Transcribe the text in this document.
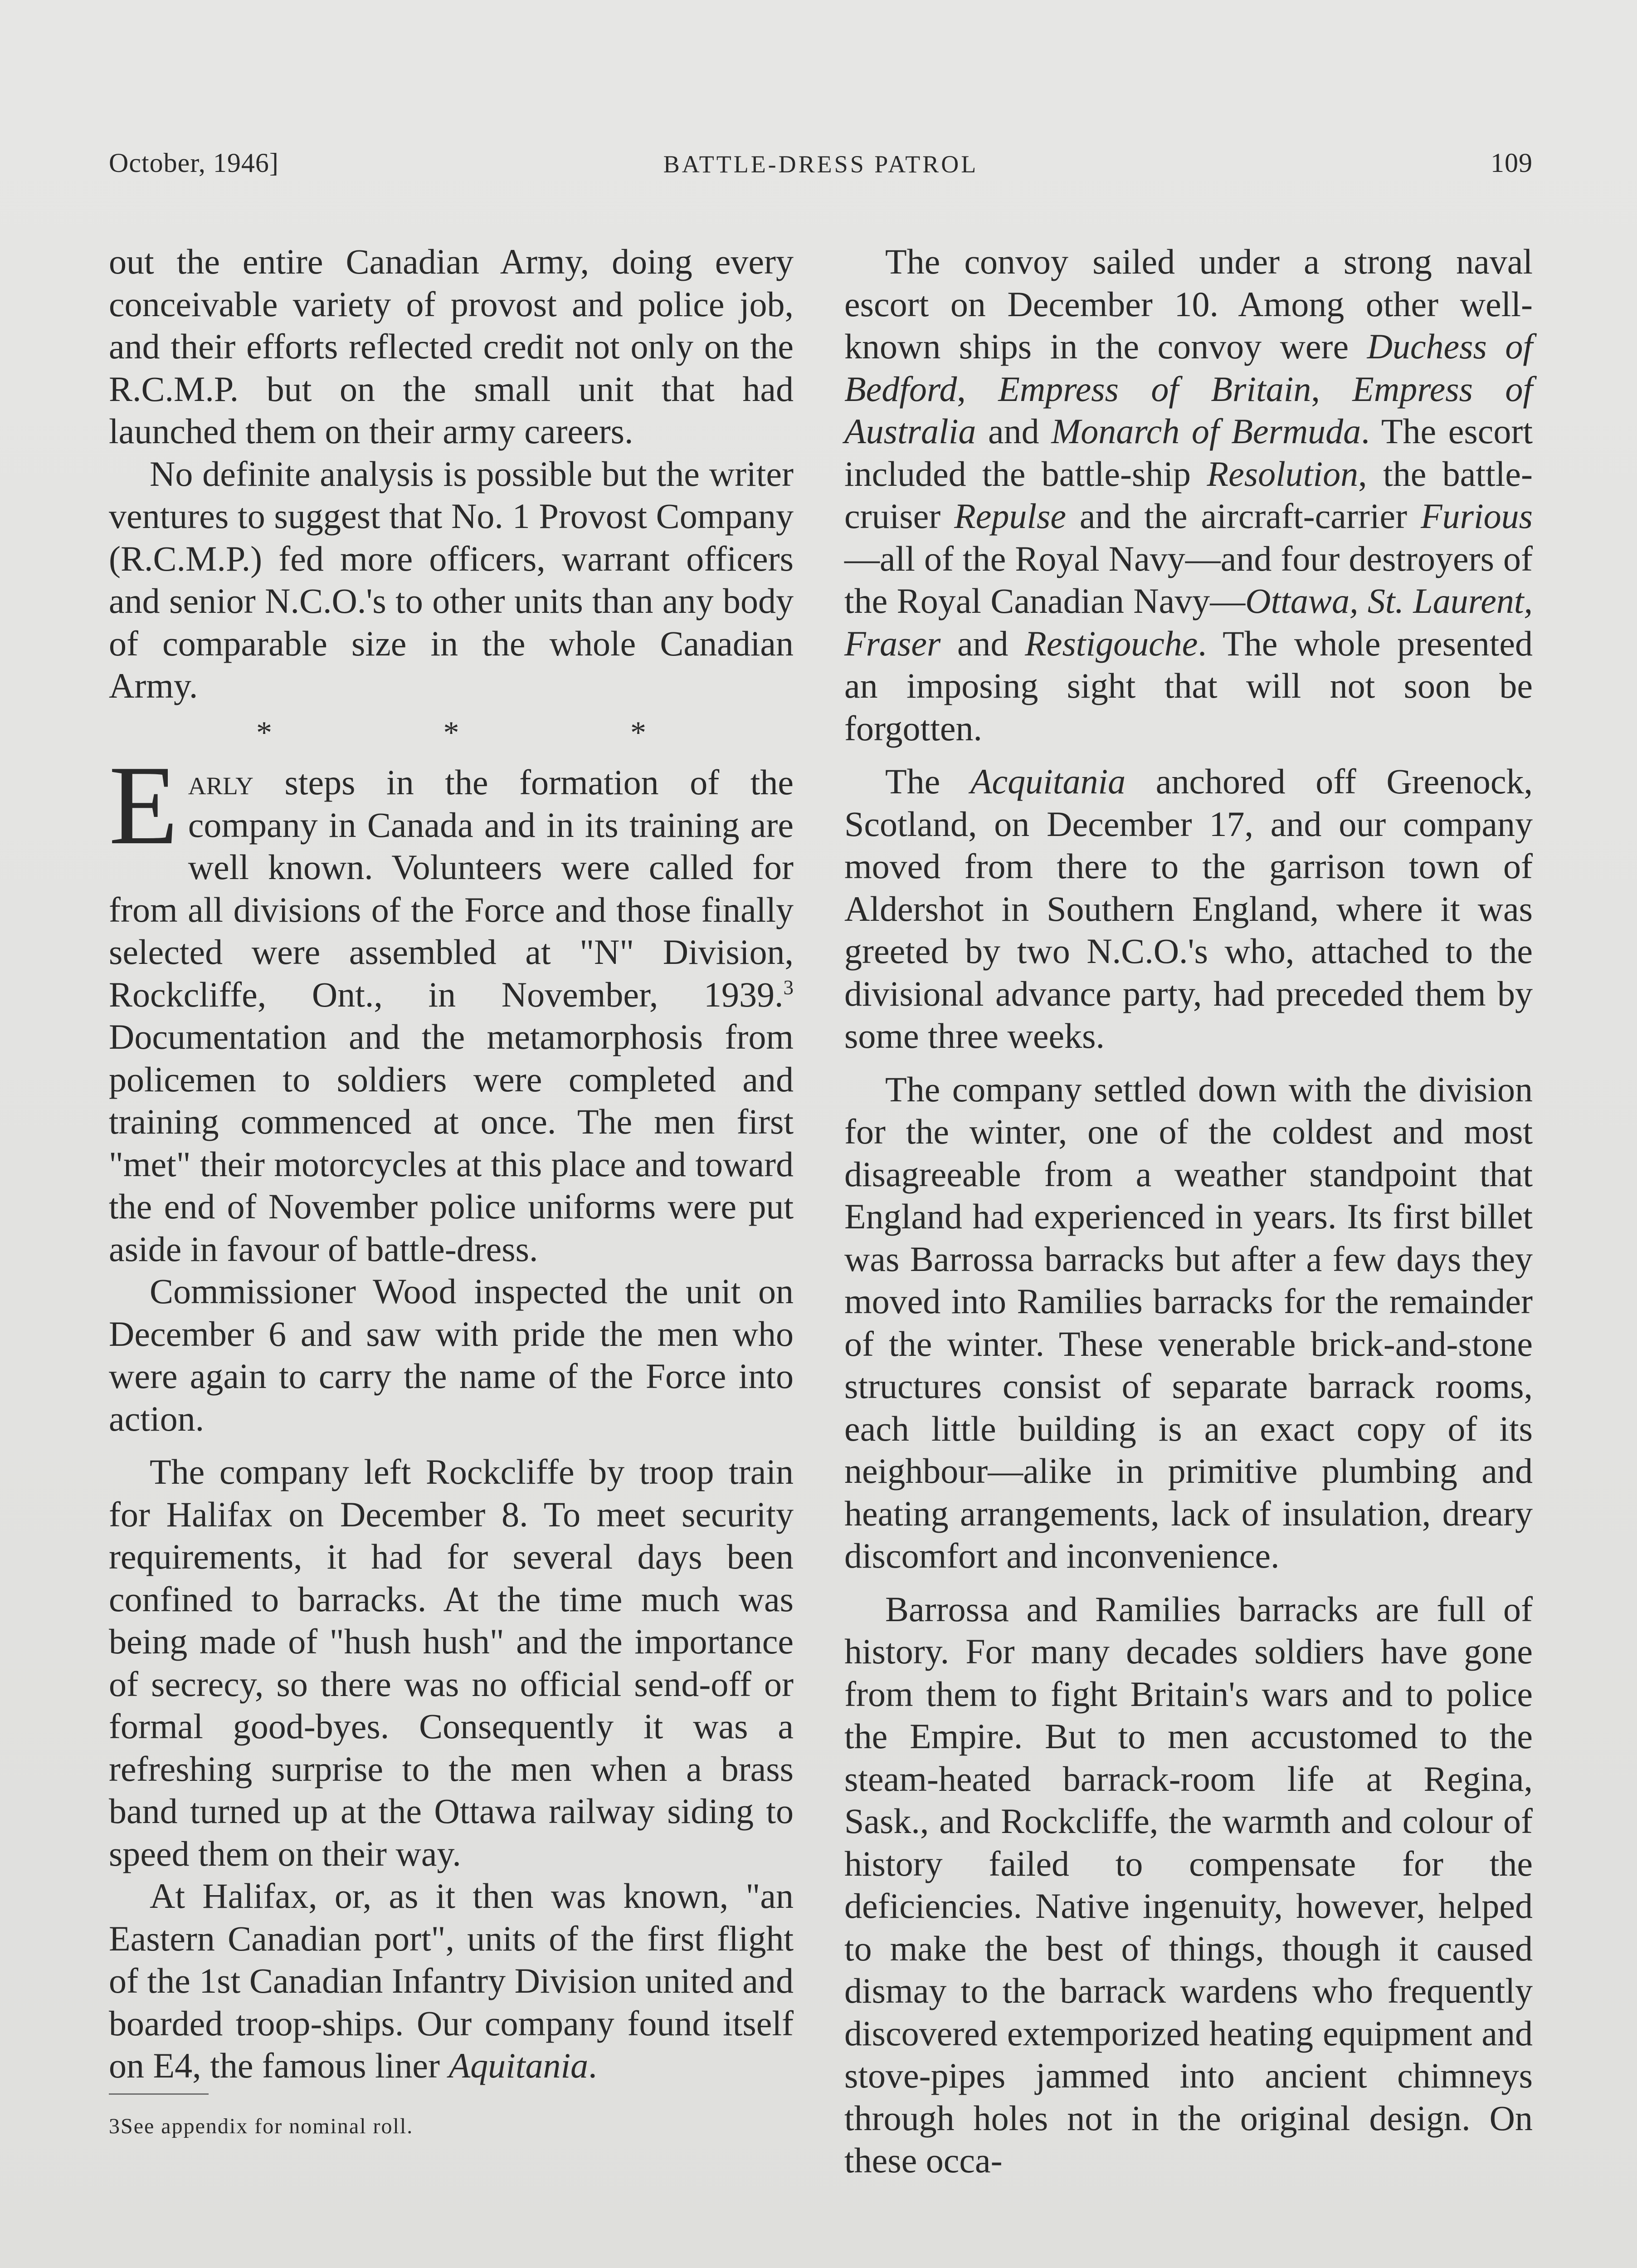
October, 1946]	BATTLE-DRESS PATROL	109

out the entire Canadian Army, doing every conceivable variety of provost and police job, and their efforts reflected credit not only on the R.C.M.P. but on the small unit that had launched them on their army careers.

No definite analysis is possible but the writer ventures to suggest that No. 1 Provost Company (R.C.M.P.) fed more officers, warrant officers and senior N.C.O.'s to other units than any body of comparable size in the whole Canadian Army.

* * *

Early steps in the formation of the company in Canada and in its training are well known. Volunteers were called for from all divisions of the Force and those finally selected were assembled at "N" Division, Rockcliffe, Ont., in November, 1939.$^3$ Documentation and the metamorphosis from policemen to soldiers were completed and training commenced at once. The men first "met" their motorcycles at this place and toward the end of November police uniforms were put aside in favour of battle-dress.

Commissioner Wood inspected the unit on December 6 and saw with pride the men who were again to carry the name of the Force into action.

The company left Rockcliffe by troop train for Halifax on December 8. To meet security requirements, it had for several days been confined to barracks. At the time much was being made of "hush hush" and the importance of secrecy, so there was no official send-off or formal good-byes. Consequently it was a refreshing surprise to the men when a brass band turned up at the Ottawa railway siding to speed them on their way.

At Halifax, or, as it then was known, "an Eastern Canadian port", units of the first flight of the 1st Canadian Infantry Division united and boarded troop-ships. Our company found itself on E4, the famous liner Aquitania.

3See appendix for nominal roll.

The convoy sailed under a strong naval escort on December 10. Among other well-known ships in the convoy were Duchess of Bedford, Empress of Britain, Empress of Australia and Monarch of Bermuda. The escort included the battle-ship Resolution, the battle-cruiser Repulse and the aircraft-carrier Furious—all of the Royal Navy—and four destroyers of the Royal Canadian Navy—Ottawa, St. Laurent, Fraser and Restigouche. The whole presented an imposing sight that will not soon be forgotten.

The Acquitania anchored off Greenock, Scotland, on December 17, and our company moved from there to the garrison town of Aldershot in Southern England, where it was greeted by two N.C.O.'s who, attached to the divisional advance party, had preceded them by some three weeks.

The company settled down with the division for the winter, one of the coldest and most disagreeable from a weather standpoint that England had experienced in years. Its first billet was Barrossa barracks but after a few days they moved into Ramilies barracks for the remainder of the winter. These venerable brick-and-stone structures consist of separate barrack rooms, each little building is an exact copy of its neighbour—alike in primitive plumbing and heating arrangements, lack of insulation, dreary discomfort and inconvenience.

Barrossa and Ramilies barracks are full of history. For many decades soldiers have gone from them to fight Britain's wars and to police the Empire. But to men accustomed to the steam-heated barrack-room life at Regina, Sask., and Rockcliffe, the warmth and colour of history failed to compensate for the deficiencies. Native ingenuity, however, helped to make the best of things, though it caused dismay to the barrack wardens who frequently discovered extemporized heating equipment and stove-pipes jammed into ancient chimneys through holes not in the original design. On these occa-
